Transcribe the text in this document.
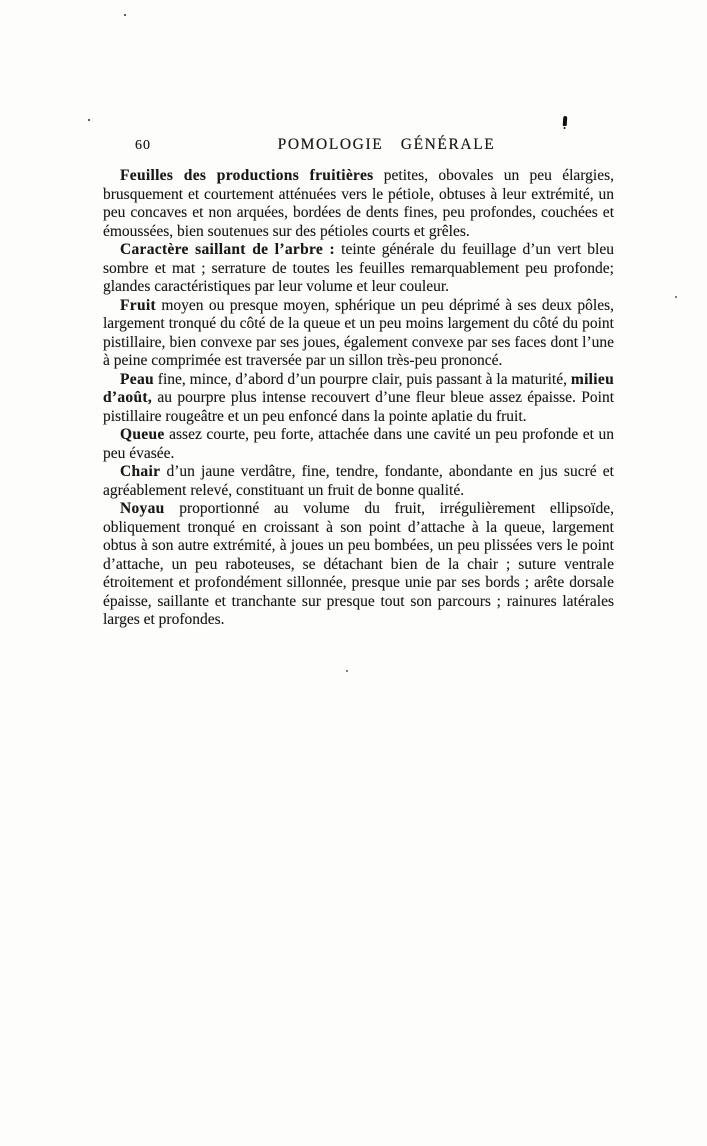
60	POMOLOGIE GÉNÉRALE

Feuilles des productions fruitières petites, obovales un peu élargies, brusquement et courtement atténuées vers le pétiole, obtuses à leur extrémité, un peu concaves et non arquées, bordées de dents fines, peu profondes, couchées et émoussées, bien soutenues sur des pétioles courts et grêles.

Caractère saillant de l’arbre : teinte générale du feuillage d’un vert bleu sombre et mat ; serrature de toutes les feuilles remarquablement peu profonde; glandes caractéristiques par leur volume et leur couleur.

Fruit moyen ou presque moyen, sphérique un peu déprimé à ses deux pôles, largement tronqué du côté de la queue et un peu moins largement du côté du point pistillaire, bien convexe par ses joues, également convexe par ses faces dont l’une à peine comprimée est traversée par un sillon très-peu prononcé.

Peau fine, mince, d’abord d’un pourpre clair, puis passant à la maturité, milieu d’août, au pourpre plus intense recouvert d’une fleur bleue assez épaisse. Point pistillaire rougeâtre et un peu enfoncé dans la pointe aplatie du fruit.

Queue assez courte, peu forte, attachée dans une cavité un peu profonde et un peu évasée.

Chair d’un jaune verdâtre, fine, tendre, fondante, abondante en jus sucré et agréablement relevé, constituant un fruit de bonne qualité.

Noyau proportionné au volume du fruit, irrégulièrement ellipsoïde, obliquement tronqué en croissant à son point d’attache à la queue, largement obtus à son autre extrémité, à joues un peu bombées, un peu plissées vers le point d’attache, un peu raboteuses, se détachant bien de la chair ; suture ventrale étroitement et profondément sillonnée, presque unie par ses bords ; arête dorsale épaisse, saillante et tranchante sur presque tout son parcours ; rainures latérales larges et profondes.
